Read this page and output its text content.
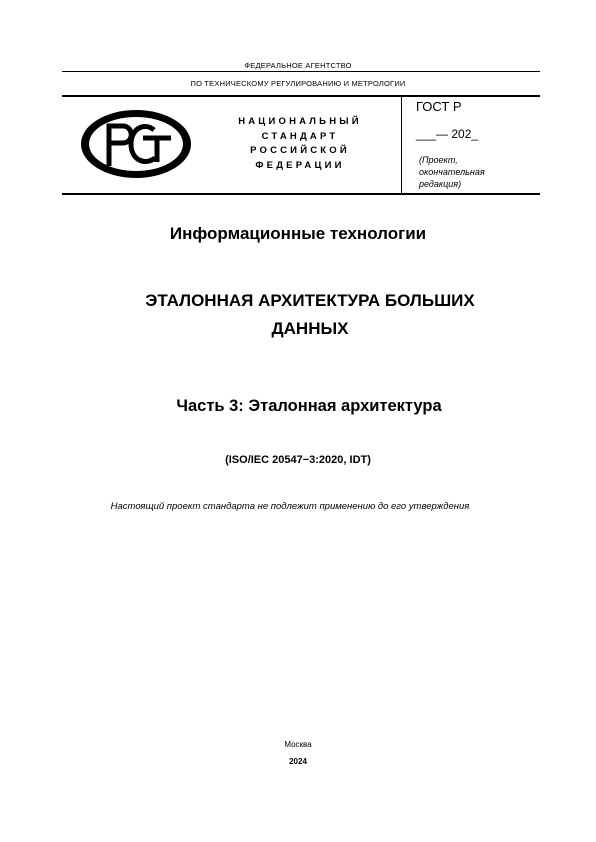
ФЕДЕРАЛЬНОЕ АГЕНТСТВО
ПО ТЕХНИЧЕСКОМУ РЕГУЛИРОВАНИЮ И МЕТРОЛОГИИ
НАЦИОНАЛЬНЫЙ
СТАНДАРТ
РОССИЙСКОЙ
ФЕДЕРАЦИИ
ГОСТ Р
___— 202_
(Проект,
окончательная
редакция)
Информационные технологии
ЭТАЛОННАЯ АРХИТЕКТУРА БОЛЬШИХ
ДАННЫХ
Часть 3: Эталонная архитектура
(ISO/IEC 20547−3:2020, IDT)
Настоящий проект стандарта не подлежит применению до его утверждения
Москва
2024
